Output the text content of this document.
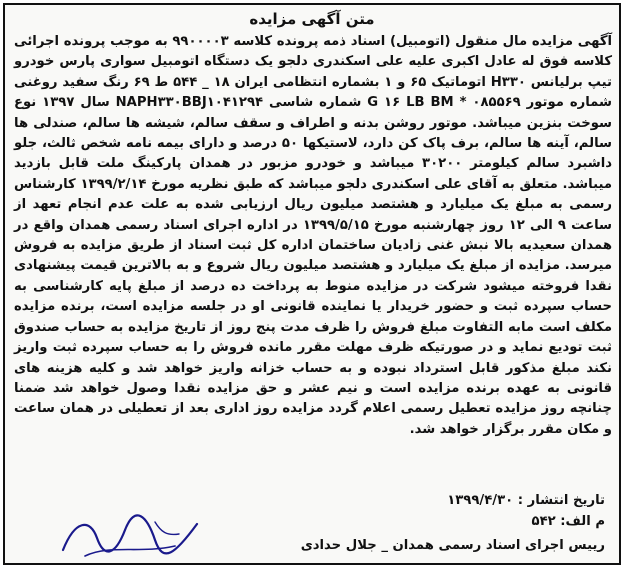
متن آگهی مزایده

آگهی مزایده مال منقول (اتومبیل) اسناد ذمه پرونده کلاسه ۹۹۰۰۰۰۳ به موجب پرونده اجرائی کلاسه فوق له عادل اکبری علیه علی اسکندری دلجو یک دستگاه اتومبیل سواری پارس خودرو تیپ برلیانس H۳۳۰ اتوماتیک ۶۵ و ۱ بشماره انتظامی ایران ۱۸ _ ۵۴۴ ط ۶۹ رنگ سفید روغنی شماره موتور ۰۸۵۵۶۹ * G ۱۶ LB BM شماره شاسی NAPH۳۳۰BBJ۱۰۴۱۲۹۴ سال ۱۳۹۷ نوع سوخت بنزین میباشد. موتور روشن بدنه و اطراف و سقف سالم، شیشه ها سالم، صندلی ها سالم، آینه ها سالم، برف پاک کن دارد، لاستیکها ۵۰ درصد و دارای بیمه نامه شخص ثالث، جلو داشبرد سالم کیلومتر ۳۰۲۰۰ میباشد و خودرو مزبور در همدان پارکینگ ملت قابل بازدید میباشد. متعلق به آقای علی اسکندری دلجو میباشد که طبق نظریه مورخ ۱۳۹۹/۲/۱۴ کارشناس رسمی به مبلغ یک میلیارد و هشتصد میلیون ریال ارزیابی شده به علت عدم انجام تعهد از ساعت ۹ الی ۱۲ روز چهارشنبه مورخ ۱۳۹۹/۵/۱۵ در اداره اجرای اسناد رسمی همدان واقع در همدان سعیدیه بالا نبش غنی زادیان ساختمان اداره کل ثبت اسناد از طریق مزایده به فروش میرسد. مزایده از مبلغ یک میلیارد و هشتصد میلیون ریال شروع و به بالاترین قیمت پیشنهادی نقدا فروخته میشود شرکت در مزایده منوط به پرداخت ده درصد از مبلغ پایه کارشناسی به حساب سپرده ثبت و حضور خریدار یا نماینده قانونی او در جلسه مزایده است، برنده مزایده مکلف است مابه التفاوت مبلغ فروش را ظرف مدت پنج روز از تاریخ مزایده به حساب صندوق ثبت تودیع نماید و در صورتیکه ظرف مهلت مقرر مانده فروش را به حساب سپرده ثبت واریز نکند مبلغ مذکور قابل استرداد نبوده و به حساب خزانه واریز خواهد شد و کلیه هزینه های قانونی به عهده برنده مزایده است و نیم عشر و حق مزایده نقدا وصول خواهد شد ضمنا چنانچه روز مزایده تعطیل رسمی اعلام گردد مزایده روز اداری بعد از تعطیلی در همان ساعت و مکان مقرر برگزار خواهد شد.

تاریخ انتشار : ۱۳۹۹/۴/۳۰
م الف: ۵۴۲
رییس اجرای اسناد رسمی همدان _ جلال حدادی
